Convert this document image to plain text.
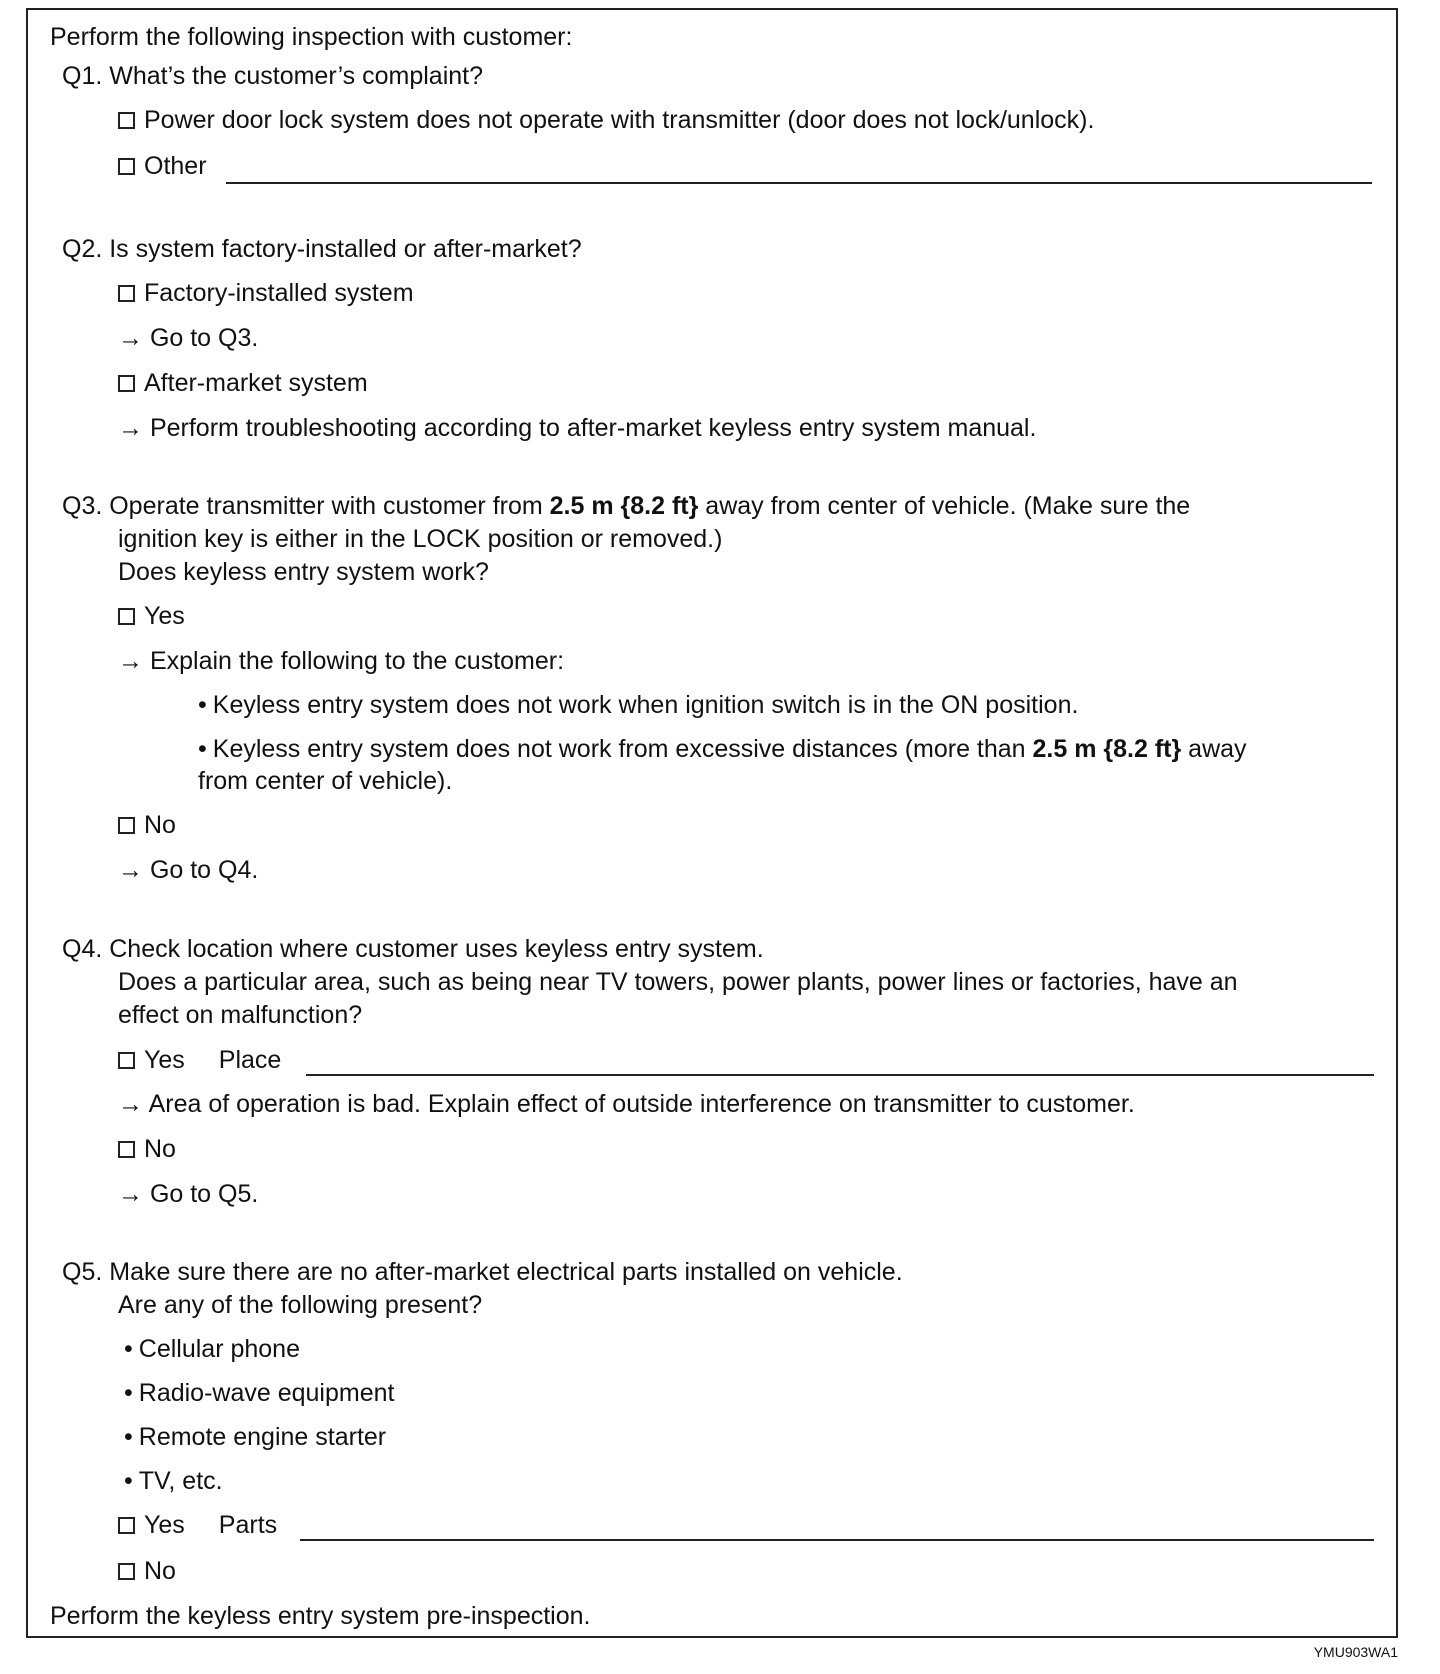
Perform the following inspection with customer:
Q1. What’s the customer’s complaint?
Power door lock system does not operate with transmitter (door does not lock/unlock).
Other
Q2. Is system factory-installed or after-market?
Factory-installed system
→ Go to Q3.
After-market system
→ Perform troubleshooting according to after-market keyless entry system manual.
Q3. Operate transmitter with customer from 2.5 m {8.2 ft} away from center of vehicle. (Make sure the
ignition key is either in the LOCK position or removed.)
Does keyless entry system work?
Yes
→ Explain the following to the customer:
• Keyless entry system does not work when ignition switch is in the ON position.
• Keyless entry system does not work from excessive distances (more than 2.5 m {8.2 ft} away
from center of vehicle).
No
→ Go to Q4.
Q4. Check location where customer uses keyless entry system.
Does a particular area, such as being near TV towers, power plants, power lines or factories, have an
effect on malfunction?
Yes Place
→ Area of operation is bad. Explain effect of outside interference on transmitter to customer.
No
→ Go to Q5.
Q5. Make sure there are no after-market electrical parts installed on vehicle.
Are any of the following present?
• Cellular phone
• Radio-wave equipment
• Remote engine starter
• TV, etc.
Yes Parts
No
Perform the keyless entry system pre-inspection.
YMU903WA1
